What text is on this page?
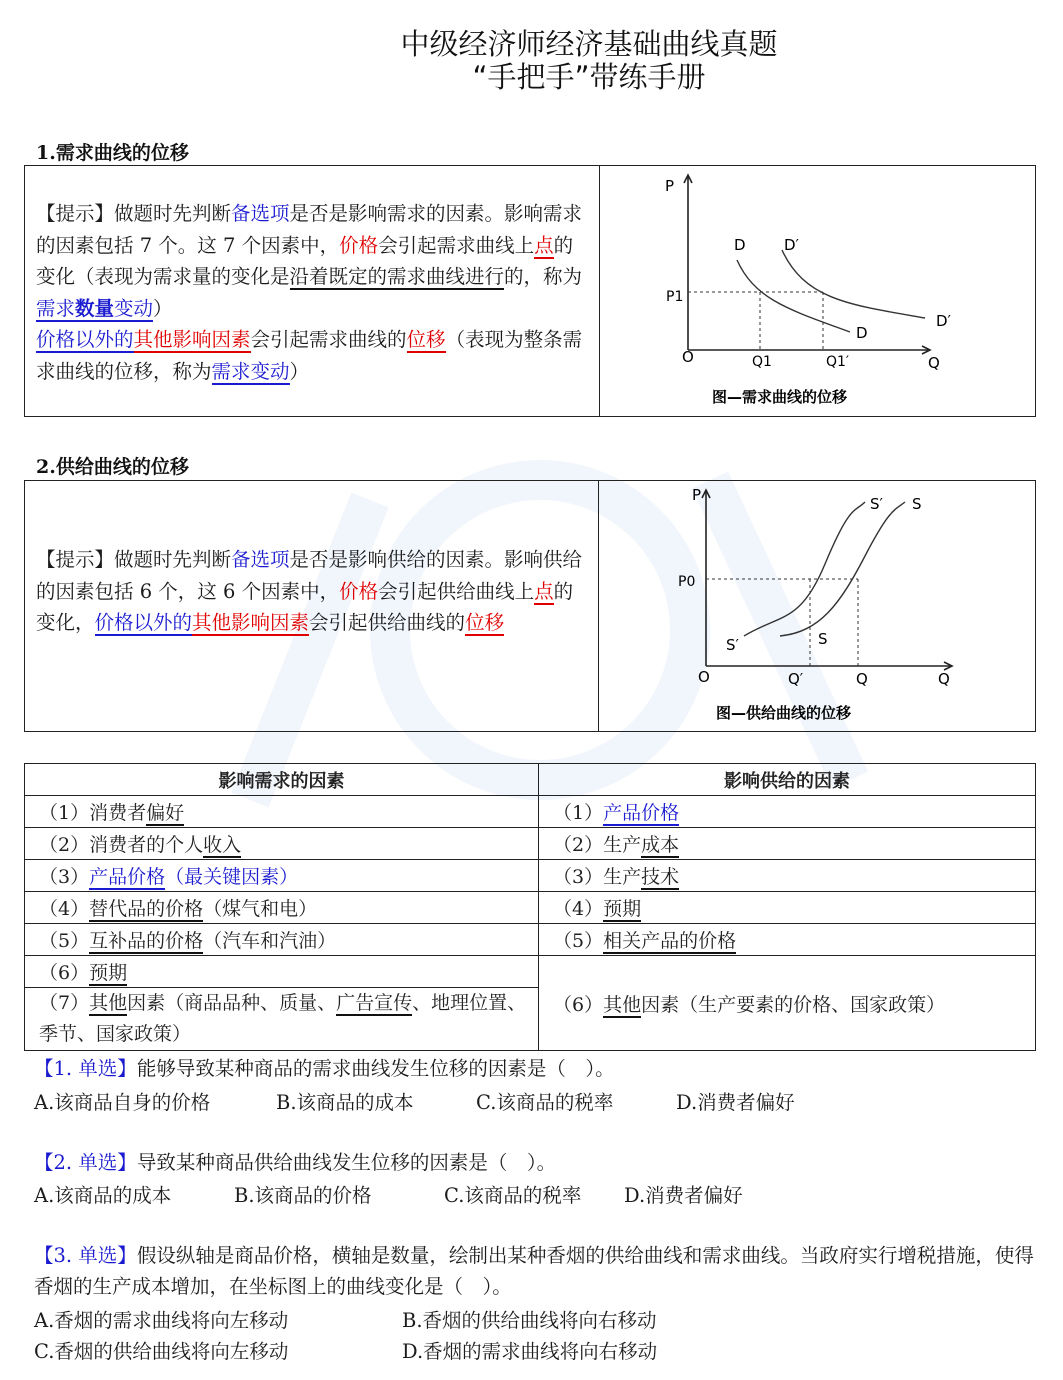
中级经济师经济基础曲线真题
“手把手”带练手册
1.需求曲线的位移
【提示】做题时先判断备选项是否是影响需求的因素。影响需求的因素包括 7 个。这 7 个因素中，价格会引起需求曲线上点的变化（表现为需求量的变化是沿着既定的需求曲线进行的，称为需求数量变动）
价格以外的其他影响因素会引起需求曲线的位移（表现为整条需求曲线的位移，称为需求变动）
P
Q
O
P1
Q1	Q1′
D	D′
D
D′
图—需求曲线的位移
2.供给曲线的位移
【提示】做题时先判断备选项是否是影响供给的因素。影响供给的因素包括 6 个，这 6 个因素中，价格会引起供给曲线上点的变化，价格以外的其他影响因素会引起供给曲线的位移
P
Q
O
P0
Q′	Q
S′ S
S′	S
图—供给曲线的位移
影响需求的因素	影响供给的因素
（1）消费者偏好	（1）产品价格
（2）消费者的个人收入	（2）生产成本
（3）产品价格（最关键因素）	（3）生产技术
（4）替代品的价格（煤气和电）	（4）预期
（5）互补品的价格（汽车和汽油）	（5）相关产品的价格
（6）预期	（6）其他因素（生产要素的价格、国家政策）
（7）其他因素（商品品种、质量、广告宣传、地理位置、季节、国家政策）	
【1. 单选】能够导致某种商品的需求曲线发生位移的因素是（　）。
A.该商品自身的价格	B.该商品的成本	C.该商品的税率	D.消费者偏好
【2. 单选】导致某种商品供给曲线发生位移的因素是（　）。
A.该商品的成本	B.该商品的价格	C.该商品的税率 D.消费者偏好
【3. 单选】假设纵轴是商品价格，横轴是数量，绘制出某种香烟的供给曲线和需求曲线。当政府实行增税措施，使得香烟的生产成本增加，在坐标图上的曲线变化是（　）。
A.香烟的需求曲线将向左移动	B.香烟的供给曲线将向右移动
C.香烟的供给曲线将向左移动	D.香烟的需求曲线将向右移动
